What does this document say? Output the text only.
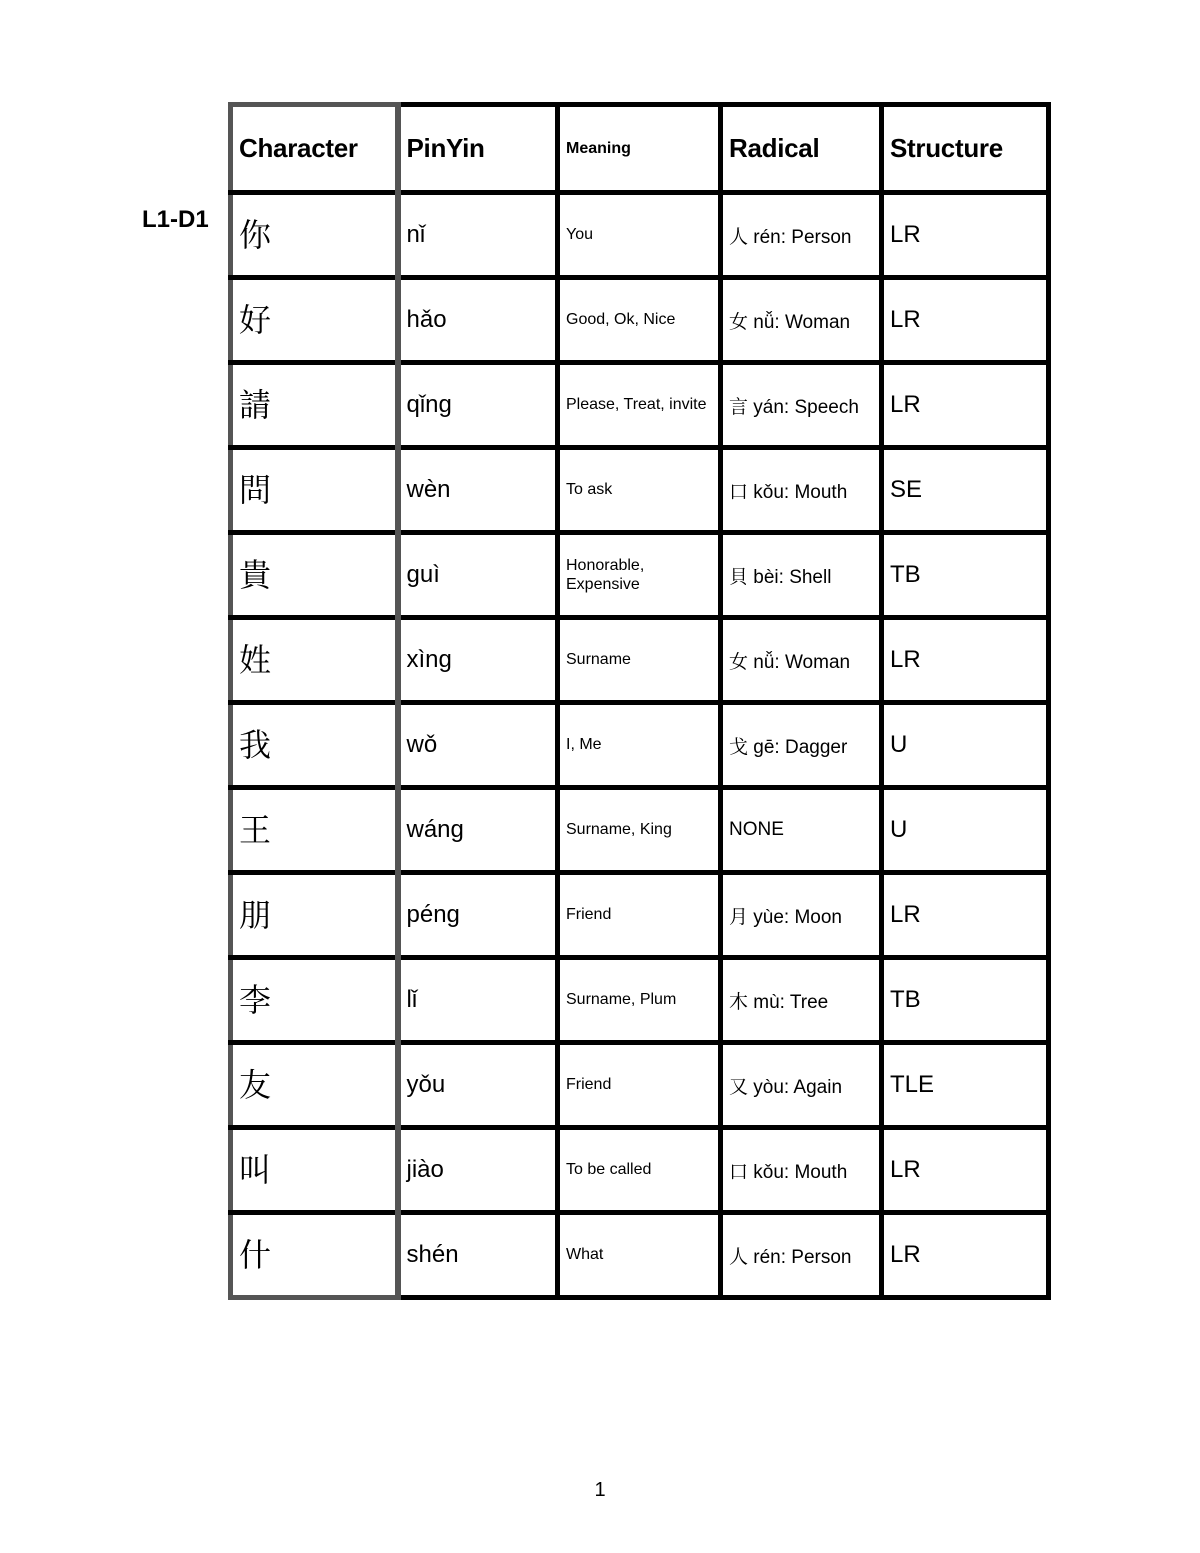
L1-D1
Character	PinYin	Meaning	Radical	Structure
你	nǐ	You	人 rén: Person	LR
好	hǎo	Good, Ok, Nice	女 nǚ: Woman	LR
請	qǐng	Please, Treat, invite	言 yán: Speech	LR
問	wèn	To ask	口 kǒu: Mouth	SE
貴	guì	Honorable, Expensive	貝 bèi: Shell	TB
姓	xìng	Surname	女 nǚ: Woman	LR
我	wǒ	I, Me	戈 gē: Dagger	U
王	wáng	Surname, King	NONE	U
朋	péng	Friend	月 yùe: Moon	LR
李	lǐ	Surname, Plum	木 mù: Tree	TB
友	yǒu	Friend	又 yòu: Again	TLE
叫	jiào	To be called	口 kǒu: Mouth	LR
什	shén	What	人 rén: Person	LR
1
